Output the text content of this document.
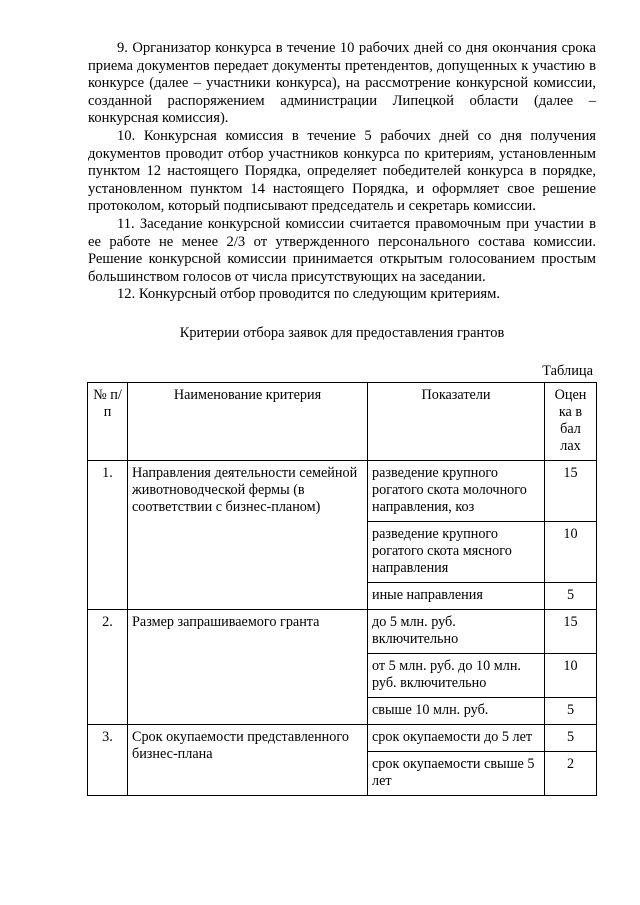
9. Организатор конкурса в течение 10 рабочих дней со дня окончания срока приема документов передает документы претендентов, допущенных к участию в конкурсе (далее – участники конкурса), на рассмотрение конкурсной комиссии, созданной распоряжением администрации Липецкой области (далее – конкурсная комиссия).

10. Конкурсная комиссия в течение 5 рабочих дней со дня получения документов проводит отбор участников конкурса по критериям, установленным пунктом 12 настоящего Порядка, определяет победителей конкурса в порядке, установленном пунктом 14 настоящего Порядка, и оформляет свое решение протоколом, который подписывают председатель и секретарь комиссии.

11. Заседание конкурсной комиссии считается правомочным при участии в ее работе не менее 2/3 от утвержденного персонального состава комиссии. Решение конкурсной комиссии принимается открытым голосованием простым большинством голосов от числа присутствующих на заседании.

12. Конкурсный отбор проводится по следующим критериям.

Критерии отбора заявок для предоставления грантов

Таблица

№ п/п	Наименование критерия	Показатели	Оцен ка в бал лах
1.	Направления деятельности семейной животноводческой фермы (в соответствии с бизнес-планом)	разведение крупного рогатого скота молочного направления, коз	15
		разведение крупного рогатого скота мясного направления	10
		иные направления	5
2.	Размер запрашиваемого гранта	до 5 млн. руб. включительно	15
		от 5 млн. руб. до 10 млн. руб. включительно	10
		свыше 10 млн. руб.	5
3.	Срок окупаемости представленного бизнес-плана	срок окупаемости до 5 лет	5
		срок окупаемости свыше 5 лет	2
